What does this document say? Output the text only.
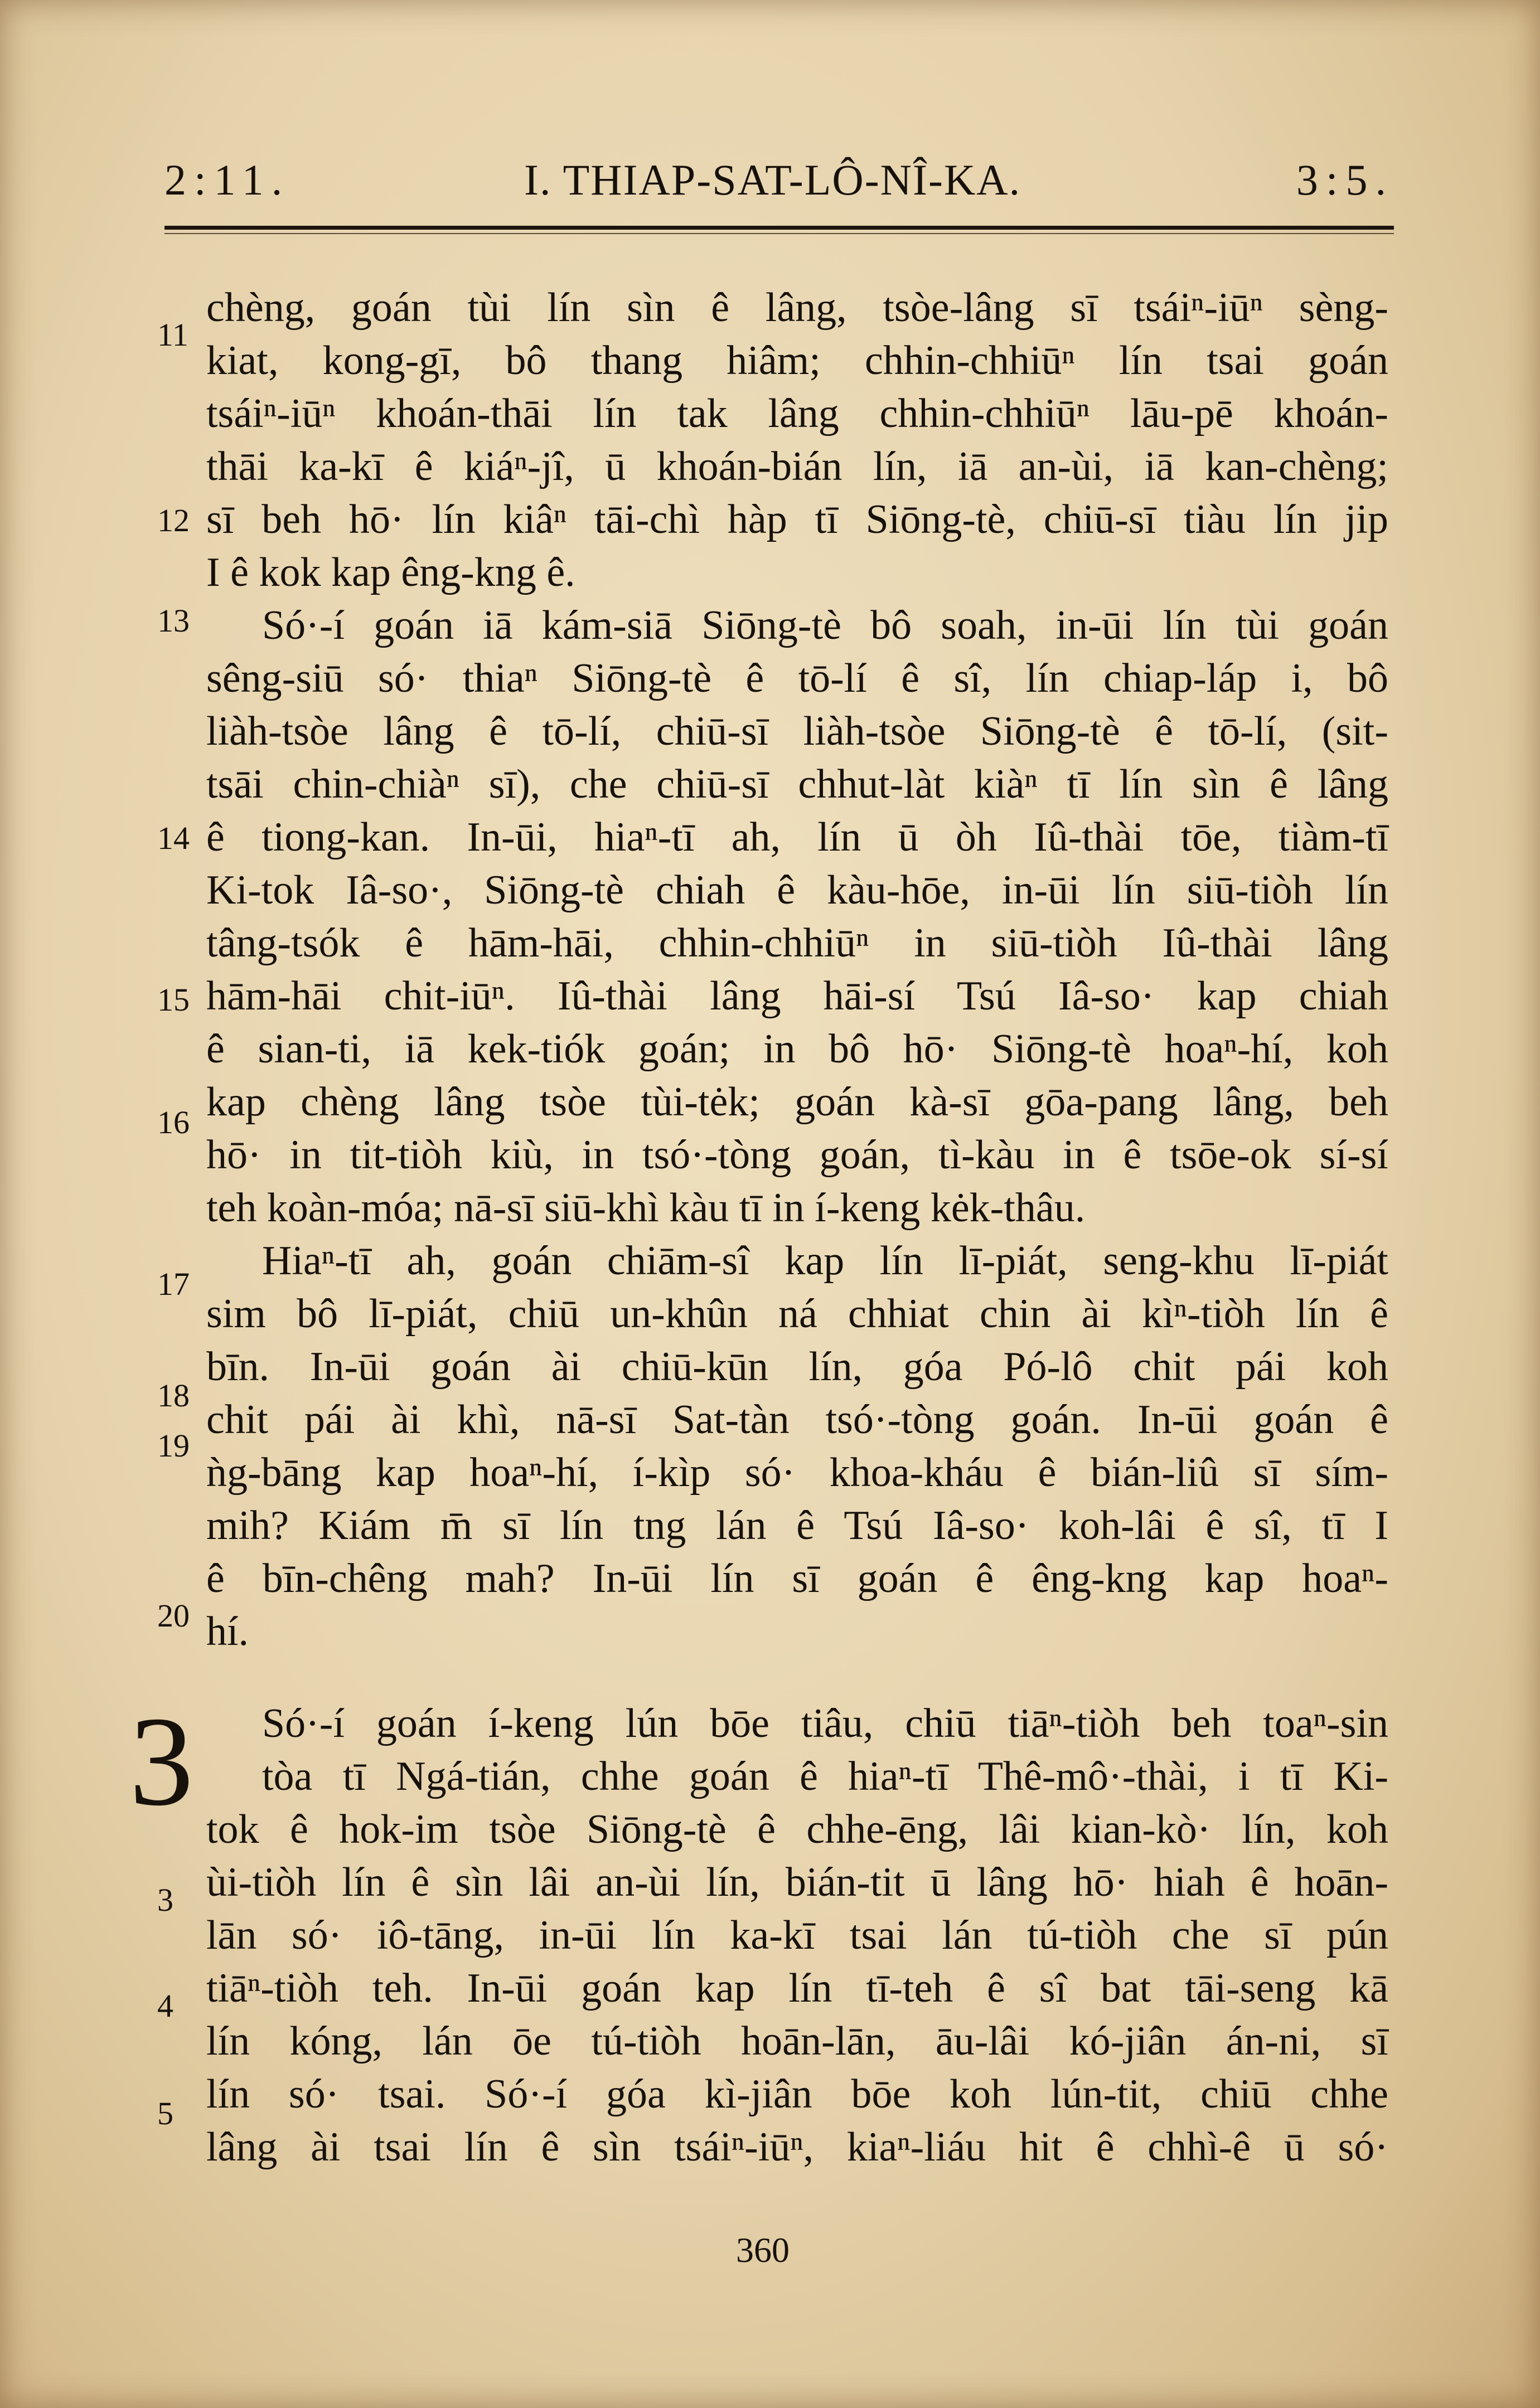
2:11.	I. THIAP-SAT-LÔ-NÎ-KA.	3:5.
11
12
13
14
15
16
17
18
19
20
3
4
5
3
chèng, goán tùi lín sìn ê lâng, tsòe-lâng sī tsáiⁿ-iūⁿ sèng-
kiat, kong-gī, bô thang hiâm; chhin-chhiūⁿ lín tsai goán
tsáiⁿ-iūⁿ khoán-thāi lín tak lâng chhin-chhiūⁿ lāu-pē khoán-
thāi ka-kī ê kiáⁿ-jî, ū khoán-bián lín, iā an-ùi, iā kan-chèng;
sī beh hō· lín kiâⁿ tāi-chì hàp tī Siōng-tè, chiū-sī tiàu lín jip
I ê kok kap êng-kng ê.
Só·-í goán iā kám-siā Siōng-tè bô soah, in-ūi lín tùi goán
sêng-siū só· thiaⁿ Siōng-tè ê tō-lí ê sî, lín chiap-láp i, bô
liàh-tsòe lâng ê tō-lí, chiū-sī liàh-tsòe Siōng-tè ê tō-lí, (sit-
tsāi chin-chiàⁿ sī), che chiū-sī chhut-làt kiàⁿ tī lín sìn ê lâng
ê tiong-kan. In-ūi, hiaⁿ-tī ah, lín ū òh Iû-thài tōe, tiàm-tī
Ki-tok Iâ-so·, Siōng-tè chiah ê kàu-hōe, in-ūi lín siū-tiòh lín
tâng-tsók ê hām-hāi, chhin-chhiūⁿ in siū-tiòh Iû-thài lâng
hām-hāi chit-iūⁿ. Iû-thài lâng hāi-sí Tsú Iâ-so· kap chiah
ê sian-ti, iā kek-tiók goán; in bô hō· Siōng-tè hoaⁿ-hí, koh
kap chèng lâng tsòe tùi-tėk; goán kà-sī gōa-pang lâng, beh
hō· in tit-tiòh kiù, in tsó·-tòng goán, tì-kàu in ê tsōe-ok sí-sí
teh koàn-móa; nā-sī siū-khì kàu tī in í-keng kėk-thâu.
Hiaⁿ-tī ah, goán chiām-sî kap lín lī-piát, seng-khu lī-piát
sim bô lī-piát, chiū un-khûn ná chhiat chin ài kìⁿ-tiòh lín ê
bīn. In-ūi goán ài chiū-kūn lín, góa Pó-lô chit pái koh
chit pái ài khì, nā-sī Sat-tàn tsó·-tòng goán. In-ūi goán ê
ǹg-bāng kap hoaⁿ-hí, í-kìp só· khoa-kháu ê bián-liû sī sím-
mih? Kiám m̄ sī lín tng lán ê Tsú Iâ-so· koh-lâi ê sî, tī I
ê bīn-chêng mah? In-ūi lín sī goán ê êng-kng kap hoaⁿ-
hí.
Só·-í goán í-keng lún bōe tiâu, chiū tiāⁿ-tiòh beh toaⁿ-sin
tòa tī Ngá-tián, chhe goán ê hiaⁿ-tī Thê-mô·-thài, i tī Ki-
tok ê hok-im tsòe Siōng-tè ê chhe-ēng, lâi kian-kò· lín, koh
ùi-tiòh lín ê sìn lâi an-ùi lín, bián-tit ū lâng hō· hiah ê hoān-
lān só· iô-tāng, in-ūi lín ka-kī tsai lán tú-tiòh che sī pún
tiāⁿ-tiòh teh. In-ūi goán kap lín tī-teh ê sî bat tāi-seng kā
lín kóng, lán ōe tú-tiòh hoān-lān, āu-lâi kó-jiân án-ni, sī
lín só· tsai. Só·-í góa kì-jiân bōe koh lún-tit, chiū chhe
lâng ài tsai lín ê sìn tsáiⁿ-iūⁿ, kiaⁿ-liáu hit ê chhì-ê ū só·
360
